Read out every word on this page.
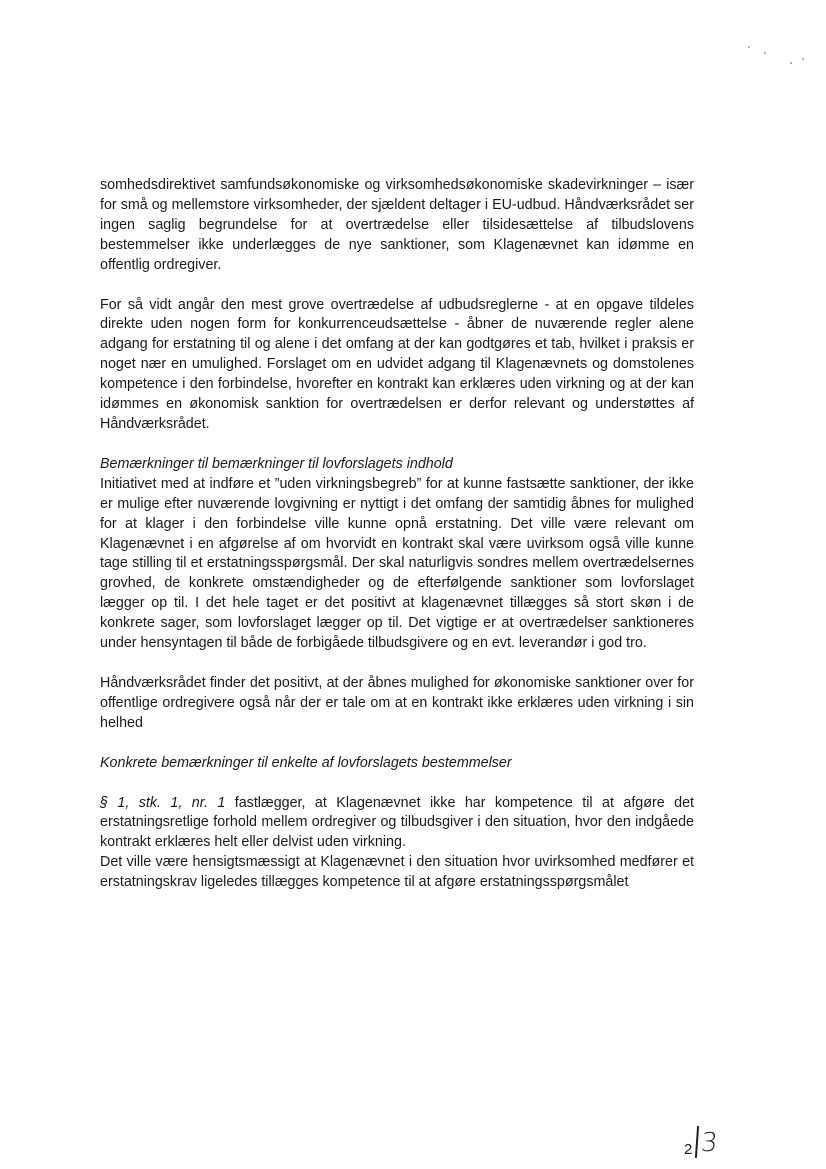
somhedsdirektivet samfundsøkonomiske og virksomhedsøkonomiske skadevirkninger – især for små og mellemstore virksomheder, der sjældent deltager i EU-udbud. Håndværksrådet ser ingen saglig begrundelse for at overtrædelse eller tilsidesættelse af tilbudslovens bestemmelser ikke underlægges de nye sanktioner, som Klagenævnet kan idømme en offentlig ordregiver.

For så vidt angår den mest grove overtrædelse af udbudsreglerne - at en opgave tildeles direkte uden nogen form for konkurrenceudsættelse - åbner de nuværende regler alene adgang for erstatning til og alene i det omfang at der kan godtgøres et tab, hvilket i praksis er noget nær en umulighed. Forslaget om en udvidet adgang til Klagenævnets og domstolenes kompetence i den forbindelse, hvorefter en kontrakt kan erklæres uden virkning og at der kan idømmes en økonomisk sanktion for overtrædelsen er derfor relevant og understøttes af Håndværksrådet.

Bemærkninger til bemærkninger til lovforslagets indhold

Initiativet med at indføre et ”uden virkningsbegreb” for at kunne fastsætte sanktioner, der ikke er mulige efter nuværende lovgivning er nyttigt i det omfang der samtidig åbnes for mulighed for at klager i den forbindelse ville kunne opnå erstatning. Det ville være relevant om Klagenævnet i en afgørelse af om hvorvidt en kontrakt skal være uvirksom også ville kunne tage stilling til et erstatningsspørgsmål. Der skal naturligvis sondres mellem overtrædelsernes grovhed, de konkrete omstændigheder og de efterfølgende sanktioner som lovforslaget lægger op til. I det hele taget er det positivt at klagenævnet tillægges så stort skøn i de konkrete sager, som lovforslaget lægger op til. Det vigtige er at overtrædelser sanktioneres under hensyntagen til både de forbigåede tilbudsgivere og en evt. leverandør i god tro.

Håndværksrådet finder det positivt, at der åbnes mulighed for økonomiske sanktioner over for offentlige ordregivere også når der er tale om at en kontrakt ikke erklæres uden virkning i sin helhed

Konkrete bemærkninger til enkelte af lovforslagets bestemmelser

§ 1, stk. 1, nr. 1 fastlægger, at Klagenævnet ikke har kompetence til at afgøre det erstatningsretlige forhold mellem ordregiver og tilbudsgiver i den situation, hvor den indgåede kontrakt erklæres helt eller delvist uden virkning.

Det ville være hensigtsmæssigt at Klagenævnet i den situation hvor uvirksomhed medfører et erstatningskrav ligeledes tillægges kompetence til at afgøre erstatningsspørgsmålet

2 3
